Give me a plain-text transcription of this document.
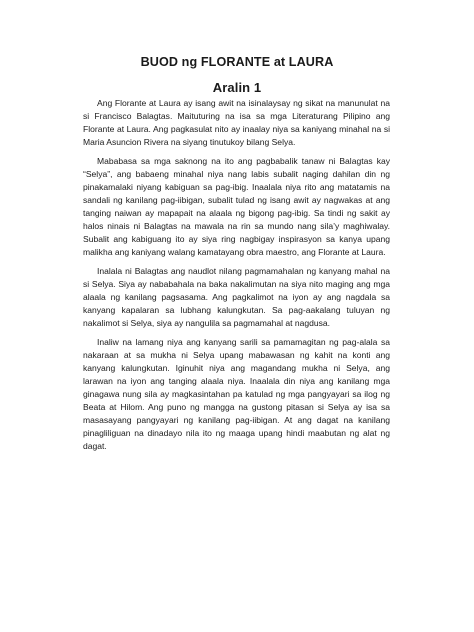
BUOD ng FLORANTE at LAURA
Aralin 1

Ang Florante at Laura ay isang awit na isinalaysay ng sikat na manunulat na si Francisco Balagtas. Maituturing na isa sa mga Literaturang Pilipino ang Florante at Laura. Ang pagkasulat nito ay inaalay niya sa kaniyang minahal na si Maria Asuncion Rivera na siyang tinutukoy bilang Selya.

Mababasa sa mga saknong na ito ang pagbabalik tanaw ni Balagtas kay “Selya”, ang babaeng minahal niya nang labis subalit naging dahilan din ng pinakamalaki niyang kabiguan sa pag-ibig. Inaalala niya rito ang matatamis na sandali ng kanilang pag-iibigan, subalit tulad ng isang awit ay nagwakas at ang tanging naiwan ay mapapait na alaala ng bigong pag-ibig. Sa tindi ng sakit ay halos ninais ni Balagtas na mawala na rin sa mundo nang sila’y maghiwalay. Subalit ang kabiguang ito ay siya ring nagbigay inspirasyon sa kanya upang malikha ang kaniyang walang kamatayang obra maestro, ang Florante at Laura.

Inalala ni Balagtas ang naudlot nilang pagmamahalan ng kanyang mahal na si Selya. Siya ay nababahala na baka nakalimutan na siya nito maging ang mga alaala ng kanilang pagsasama. Ang pagkalimot na iyon ay ang nagdala sa kanyang kapalaran sa lubhang kalungkutan. Sa pag-aakalang tuluyan ng nakalimot si Selya, siya ay nangulila sa pagmamahal at nagdusa.

Inaliw na lamang niya ang kanyang sarili sa pamamagitan ng pag-alala sa nakaraan at sa mukha ni Selya upang mabawasan ng kahit na konti ang kanyang kalungkutan. Iginuhit niya ang magandang mukha ni Selya, ang larawan na iyon ang tanging alaala niya. Inaalala din niya ang kanilang mga ginagawa nung sila ay magkasintahan pa katulad ng mga pangyayari sa ilog ng Beata at Hilom. Ang puno ng mangga na gustong pitasan si Selya ay isa sa masasayang pangyayari ng kanilang pag-iibigan. At ang dagat na kanilang pinagliliguan na dinadayo nila ito ng maaga upang hindi maabutan ng alat ng dagat.
